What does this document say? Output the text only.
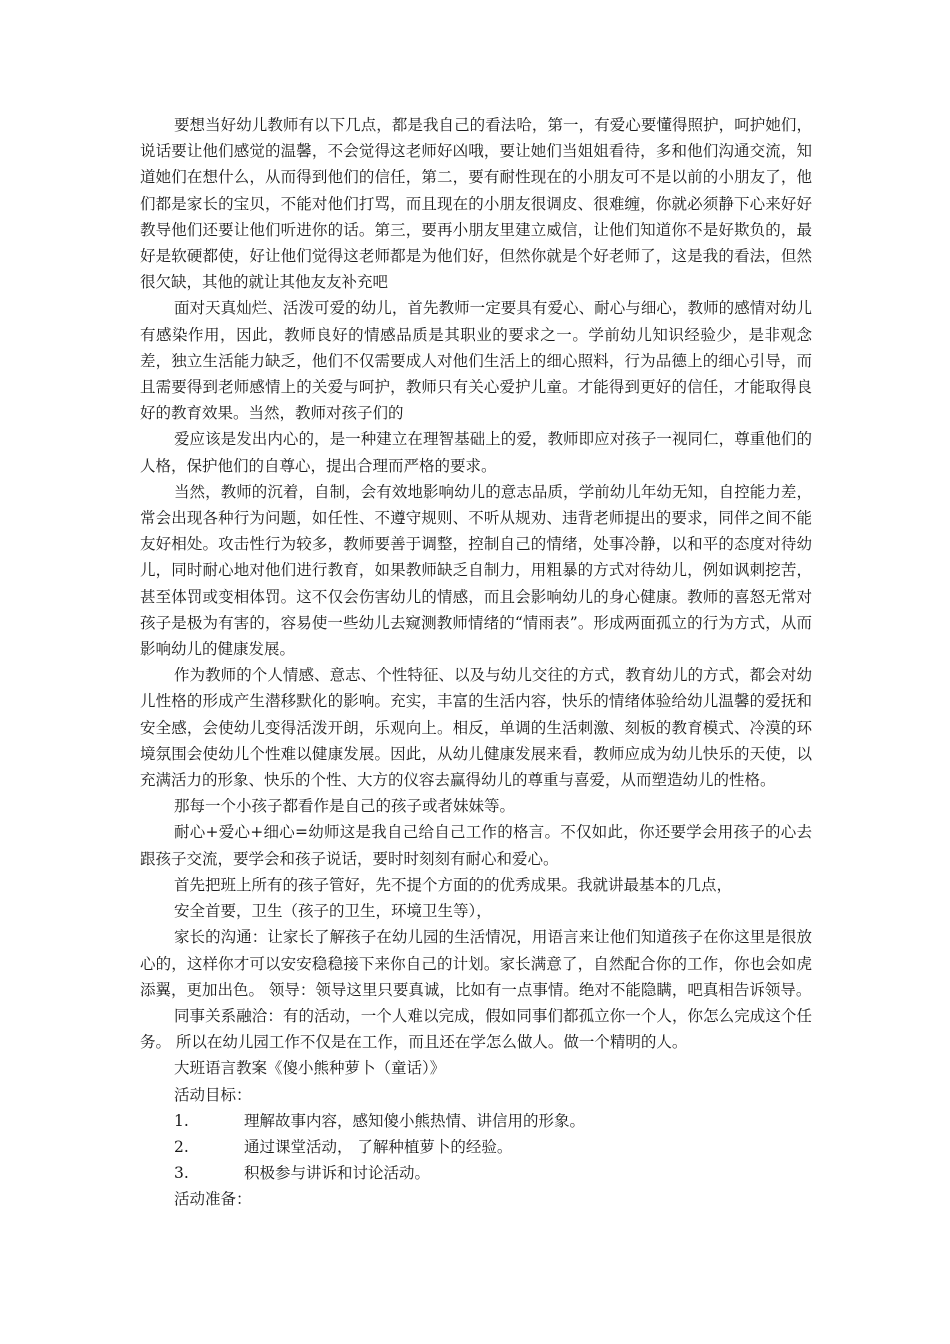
要想当好幼儿教师有以下几点，都是我自己的看法哈，第一，有爱心要懂得照护，呵护她们，说话要让他们感觉的温馨，不会觉得这老师好凶哦，要让她们当姐姐看待，多和他们沟通交流，知道她们在想什么，从而得到他们的信任，第二，要有耐性现在的小朋友可不是以前的小朋友了，他们都是家长的宝贝，不能对他们打骂，而且现在的小朋友很调皮、很难缠，你就必须静下心来好好教导他们还要让他们听进你的话。第三，要再小朋友里建立威信，让他们知道你不是好欺负的，最好是软硬都使，好让他们觉得这老师都是为他们好，但然你就是个好老师了，这是我的看法，但然很欠缺，其他的就让其他友友补充吧

面对天真灿烂、活泼可爱的幼儿，首先教师一定要具有爱心、耐心与细心，教师的感情对幼儿有感染作用，因此，教师良好的情感品质是其职业的要求之一。学前幼儿知识经验少，是非观念差，独立生活能力缺乏，他们不仅需要成人对他们生活上的细心照料，行为品德上的细心引导，而且需要得到老师感情上的关爱与呵护，教师只有关心爱护儿童。才能得到更好的信任，才能取得良好的教育效果。当然，教师对孩子们的

爱应该是发出内心的，是一种建立在理智基础上的爱，教师即应对孩子一视同仁，尊重他们的人格，保护他们的自尊心，提出合理而严格的要求。

当然，教师的沉着，自制，会有效地影响幼儿的意志品质，学前幼儿年幼无知，自控能力差，常会出现各种行为问题，如任性、不遵守规则、不听从规劝、违背老师提出的要求，同伴之间不能友好相处。攻击性行为较多，教师要善于调整，控制自己的情绪，处事冷静，以和平的态度对待幼儿，同时耐心地对他们进行教育，如果教师缺乏自制力，用粗暴的方式对待幼儿，例如讽刺挖苦，甚至体罚或变相体罚。这不仅会伤害幼儿的情感，而且会影响幼儿的身心健康。教师的喜怒无常对孩子是极为有害的，容易使一些幼儿去窥测教师情绪的“情雨表”。形成两面孤立的行为方式，从而影响幼儿的健康发展。

作为教师的个人情感、意志、个性特征、以及与幼儿交往的方式，教育幼儿的方式，都会对幼儿性格的形成产生潜移默化的影响。充实，丰富的生活内容，快乐的情绪体验给幼儿温馨的爱抚和安全感，会使幼儿变得活泼开朗，乐观向上。相反，单调的生活刺激、刻板的教育模式、冷漠的环境氛围会使幼儿个性难以健康发展。因此，从幼儿健康发展来看，教师应成为幼儿快乐的天使，以充满活力的形象、快乐的个性、大方的仪容去赢得幼儿的尊重与喜爱，从而塑造幼儿的性格。

那每一个小孩子都看作是自己的孩子或者妹妹等。

耐心+爱心+细心=幼师这是我自己给自己工作的格言。不仅如此，你还要学会用孩子的心去跟孩子交流，要学会和孩子说话，要时时刻刻有耐心和爱心。

首先把班上所有的孩子管好，先不提个方面的的优秀成果。我就讲最基本的几点，

安全首要，卫生（孩子的卫生，环境卫生等），

家长的沟通：让家长了解孩子在幼儿园的生活情况，用语言来让他们知道孩子在你这里是很放心的，这样你才可以安安稳稳接下来你自己的计划。家长满意了，自然配合你的工作，你也会如虎添翼，更加出色。 领导：领导这里只要真诚，比如有一点事情。绝对不能隐瞒，吧真相告诉领导。

同事关系融洽：有的活动，一个人难以完成，假如同事们都孤立你一个人，你怎么完成这个任务。 所以在幼儿园工作不仅是在工作，而且还在学怎么做人。做一个精明的人。

大班语言教案《傻小熊种萝卜（童话）》

活动目标：

1.	理解故事内容，感知傻小熊热情、讲信用的形象。
2.	通过课堂活动， 了解种植萝卜的经验。
3.	积极参与讲诉和讨论活动。

活动准备：
